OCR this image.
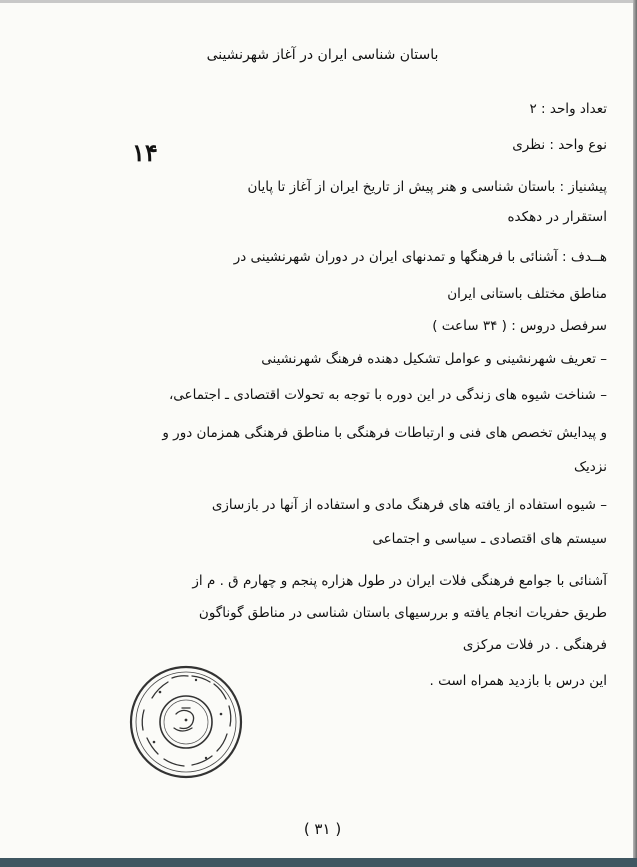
باستان شناسی ایران در آغاز شهرنشینی
تعداد واحد : ۲
نوع واحد : نظری
پیشنیاز : باستان شناسی و هنر پیش از تاریخ ایران از آغاز تا پایان
استقرار در دهکده
هــدف : آشنائی با فرهنگها و تمدنهای ایران در دوران شهرنشینی در
مناطق مختلف باستانی ایران
سرفصل دروس : ( ۳۴ ساعت )
– تعریف شهرنشینی و عوامل تشکیل دهنده فرهنگ شهرنشینی
– شناخت شیوه های زندگی در این دوره با توجه به تحولات اقتصادی ـ اجتماعی،
و پیدایش تخصص های فنی و ارتباطات فرهنگی با مناطق فرهنگی همزمان دور و
نزدیک
– شیوه استفاده از یافته های فرهنگ مادی و استفاده از آنها در بازسازی
سیستم های اقتصادی ـ سیاسی و اجتماعی
آشنائی با جوامع فرهنگی فلات ایران در طول هزاره پنجم و چهارم ق . م از
طریق حفریات انجام یافته و بررسیهای باستان شناسی در مناطق گوناگون
فرهنگی . در فلات مرکزی
این درس با بازدید همراه است .
( ۳۱ )
۱۴
